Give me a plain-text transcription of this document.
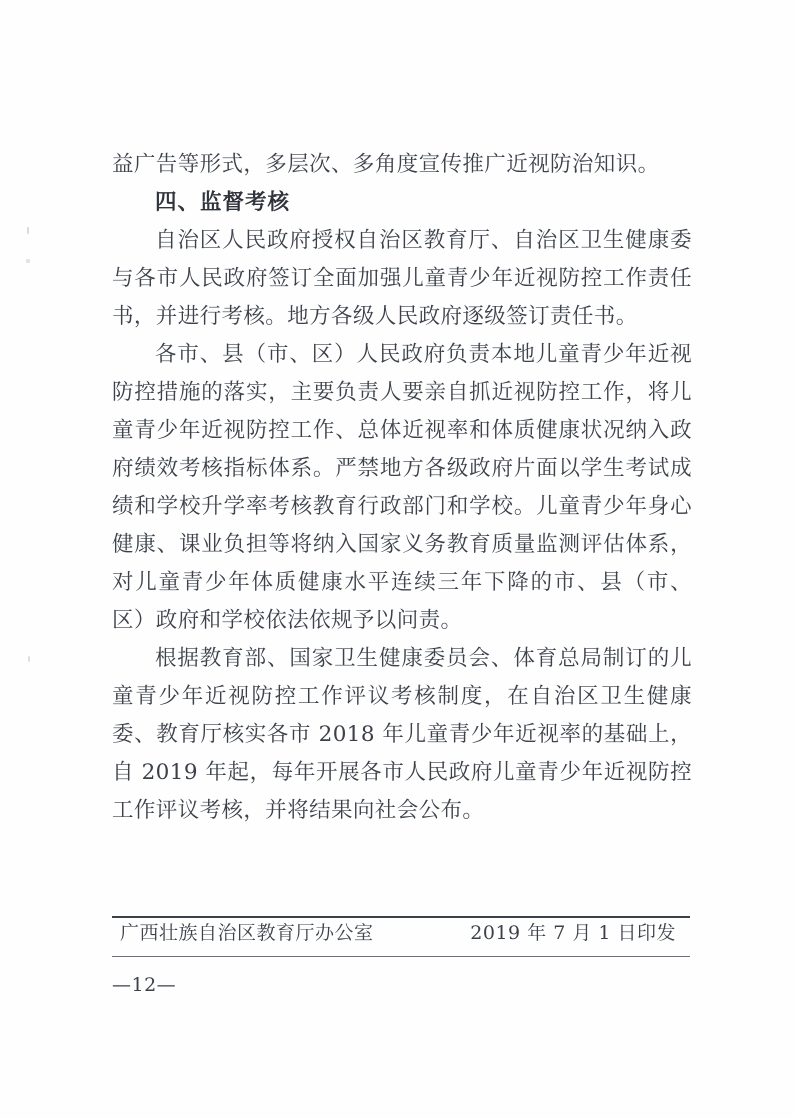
益广告等形式，多层次、多角度宣传推广近视防治知识。

四、监督考核

自治区人民政府授权自治区教育厅、自治区卫生健康委与各市人民政府签订全面加强儿童青少年近视防控工作责任书，并进行考核。地方各级人民政府逐级签订责任书。

各市、县（市、区）人民政府负责本地儿童青少年近视防控措施的落实，主要负责人要亲自抓近视防控工作，将儿童青少年近视防控工作、总体近视率和体质健康状况纳入政府绩效考核指标体系。严禁地方各级政府片面以学生考试成绩和学校升学率考核教育行政部门和学校。儿童青少年身心健康、课业负担等将纳入国家义务教育质量监测评估体系，对儿童青少年体质健康水平连续三年下降的市、县（市、区）政府和学校依法依规予以问责。

根据教育部、国家卫生健康委员会、体育总局制订的儿童青少年近视防控工作评议考核制度，在自治区卫生健康委、教育厅核实各市 2018 年儿童青少年近视率的基础上，自 2019 年起，每年开展各市人民政府儿童青少年近视防控工作评议考核，并将结果向社会公布。

广西壮族自治区教育厅办公室	2019 年 7 月 1 日印发
—12—
